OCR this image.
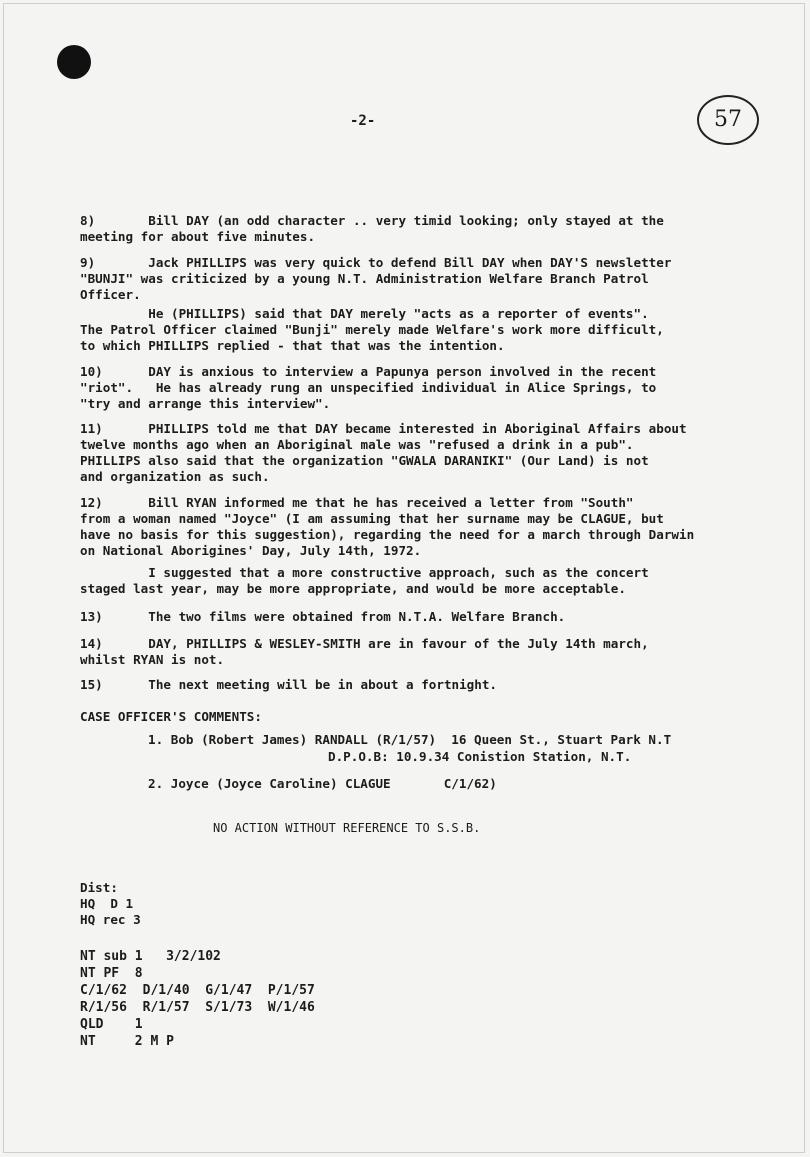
-2-	57
8)       Bill DAY (an odd character .. very timid looking; only stayed at the
meeting for about five minutes.
9)       Jack PHILLIPS was very quick to defend Bill DAY when DAY'S newsletter
"BUNJI" was criticized by a young N.T. Administration Welfare Branch Patrol
Officer.
He (PHILLIPS) said that DAY merely "acts as a reporter of events".
The Patrol Officer claimed "Bunji" merely made Welfare's work more difficult,
to which PHILLIPS replied - that that was the intention.
10)      DAY is anxious to interview a Papunya person involved in the recent
"riot".   He has already rung an unspecified individual in Alice Springs, to
"try and arrange this interview".
11)      PHILLIPS told me that DAY became interested in Aboriginal Affairs about
twelve months ago when an Aboriginal male was "refused a drink in a pub".
PHILLIPS also said that the organization "GWALA DARANIKI" (Our Land) is not
and organization as such.
12)      Bill RYAN informed me that he has received a letter from "South"
from a woman named "Joyce" (I am assuming that her surname may be CLAGUE, but
have no basis for this suggestion), regarding the need for a march through Darwin
on National Aborigines' Day, July 14th, 1972.
I suggested that a more constructive approach, such as the concert
staged last year, may be more appropriate, and would be more acceptable.
13)      The two films were obtained from N.T.A. Welfare Branch.
14)      DAY, PHILLIPS & WESLEY-SMITH are in favour of the July 14th march,
whilst RYAN is not.
15)      The next meeting will be in about a fortnight.
CASE OFFICER'S COMMENTS:
1. Bob (Robert James) RANDALL (R/1/57)  16 Queen St., Stuart Park N.T
D.P.O.B: 10.9.34 Conistion Station, N.T.
2. Joyce (Joyce Caroline) CLAGUE       C/1/62)
NO ACTION WITHOUT REFERENCE TO S.S.B.
Dist:
HQ  D 1
HQ rec 3
NT sub 1   3/2/102
NT PF  8
C/1/62  D/1/40  G/1/47  P/1/57
R/1/56  R/1/57  S/1/73  W/1/46
QLD    1
NT     2 M P
